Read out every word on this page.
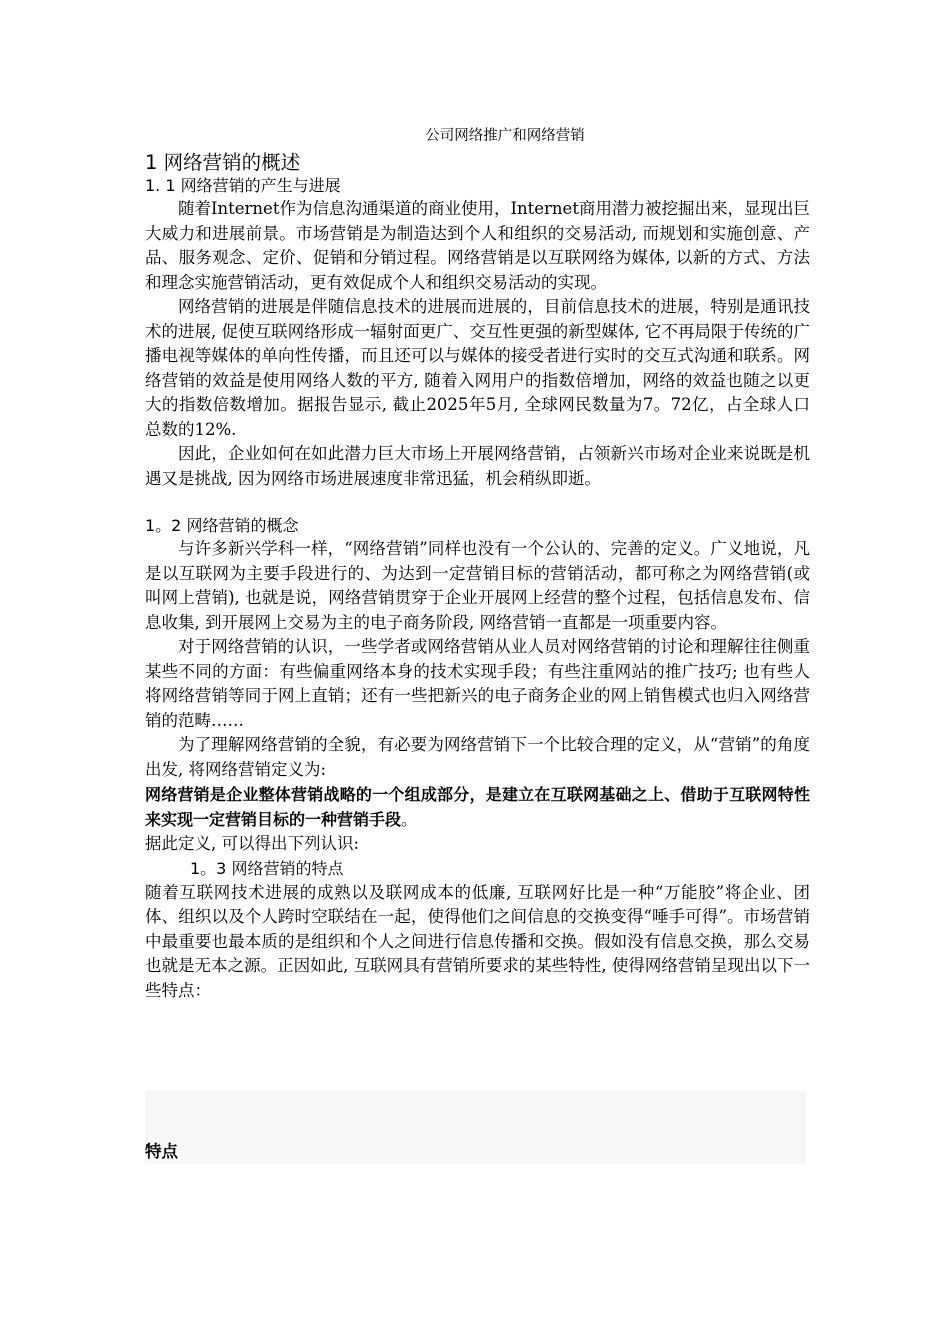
公司网络推广和网络营销

1 网络营销的概述

1. 1 网络营销的产生与进展

随着Internet作为信息沟通渠道的商业使用，Internet商用潜力被挖掘出来，显现出巨大威力和进展前景。市场营销是为制造达到个人和组织的交易活动, 而规划和实施创意、产品、服务观念、定价、促销和分销过程。网络营销是以互联网络为媒体, 以新的方式、方法和理念实施营销活动，更有效促成个人和组织交易活动的实现。

网络营销的进展是伴随信息技术的进展而进展的，目前信息技术的进展，特别是通讯技术的进展, 促使互联网络形成一辐射面更广、交互性更强的新型媒体, 它不再局限于传统的广播电视等媒体的单向性传播，而且还可以与媒体的接受者进行实时的交互式沟通和联系。网络营销的效益是使用网络人数的平方, 随着入网用户的指数倍增加，网络的效益也随之以更大的指数倍数增加。据报告显示, 截止2025年5月, 全球网民数量为7。72亿，占全球人口总数的12%.

因此，企业如何在如此潜力巨大市场上开展网络营销，占领新兴市场对企业来说既是机遇又是挑战, 因为网络市场进展速度非常迅猛，机会稍纵即逝。

1。2 网络营销的概念

与许多新兴学科一样，“网络营销”同样也没有一个公认的、完善的定义。广义地说，凡是以互联网为主要手段进行的、为达到一定营销目标的营销活动，都可称之为网络营销(或叫网上营销), 也就是说，网络营销贯穿于企业开展网上经营的整个过程，包括信息发布、信息收集, 到开展网上交易为主的电子商务阶段, 网络营销一直都是一项重要内容。

对于网络营销的认识，一些学者或网络营销从业人员对网络营销的讨论和理解往往侧重某些不同的方面：有些偏重网络本身的技术实现手段；有些注重网站的推广技巧; 也有些人将网络营销等同于网上直销；还有一些把新兴的电子商务企业的网上销售模式也归入网络营销的范畴……

为了理解网络营销的全貌，有必要为网络营销下一个比较合理的定义，从“营销”的角度出发, 将网络营销定义为:

网络营销是企业整体营销战略的一个组成部分，是建立在互联网基础之上、借助于互联网特性来实现一定营销目标的一种营销手段。

据此定义, 可以得出下列认识:

1。3 网络营销的特点

随着互联网技术进展的成熟以及联网成本的低廉, 互联网好比是一种“万能胶”将企业、团体、组织以及个人跨时空联结在一起，使得他们之间信息的交换变得“唾手可得”。市场营销中最重要也最本质的是组织和个人之间进行信息传播和交换。假如没有信息交换，那么交易也就是无本之源。正因如此, 互联网具有营销所要求的某些特性, 使得网络营销呈现出以下一些特点：

特点
